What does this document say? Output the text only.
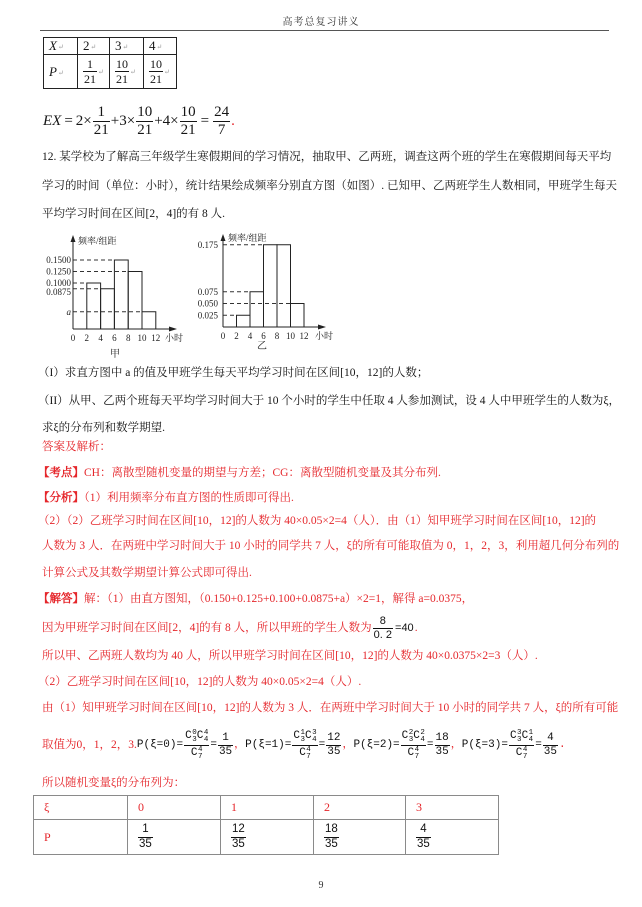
高考总复习讲义
X↵	2↵	3↵	4↵
P↵	$\frac{1}{21}$ ↵	$\frac{10}{21}$ ↵	$\frac{10}{21}$ ↵
EX = $2\times \frac{1}{21} +3\times \frac{10}{21} +4\times \frac{10}{21} = \frac{24}{7}$ .
12. 某学校为了解高三年级学生寒假期间的学习情况，抽取甲、乙两班，调查这两个班的学生在寒假期间每天平均
学习的时间（单位：小时），统计结果绘成频率分别直方图（如图）. 已知甲、乙两班学生人数相同，甲班学生每天
平均学习时间在区间[2，4]的有 8 人.
0.1500
0.1250
0.1000
0.0875
a
0 2 4 6 8 10 12 小时
频率/组距
甲
0.175
0.075
0.050
0.025
0 2 4 6 8 10 12 小时
频率/组距
乙
（I）求直方图中 a 的值及甲班学生每天平均学习时间在区间[10，12]的人数；
（II）从甲、乙两个班每天平均学习时间大于 10 个小时的学生中任取 4 人参加测试，设 4 人中甲班学生的人数为ξ，
求ξ的分布列和数学期望.
答案及解析：
【考点】CH：离散型随机变量的期望与方差；CG：离散型随机变量及其分布列.
【分析】（1）利用频率分布直方图的性质即可得出.
（2）（2）乙班学习时间在区间[10，12]的人数为 40×0.05×2=4（人）．由（1）知甲班学习时间在区间[10，12]的
人数为 3 人．在两班中学习时间大于 10 小时的同学共 7 人，ξ的所有可能取值为 0，1，2，3，利用超几何分布列的
计算公式及其数学期望计算公式即可得出.
【解答】解：（1）由直方图知，（0.150+0.125+0.100+0.0875+a）×2=1，解得 a=0.0375，
因为甲班学习时间在区间[2，4]的有 8 人，所以甲班的学生人数为 $\frac{8}{0. 2} =40$ .
所以甲、乙两班人数均为 40 人，所以甲班学习时间在区间[10，12]的人数为 40×0.0375×2=3（人）.
（2）乙班学习时间在区间[10，12]的人数为 40×0.05×2=4（人）.
由（1）知甲班学习时间在区间[10，12]的人数为 3 人．在两班中学习时间大于 10 小时的同学共 7 人，ξ的所有可能
取值为0，1，2，3. P(ξ=0)= C 0
3 C 4
4
C 4
$7 = \frac{1}{35}$ ， P(ξ=1)= C 1
3 C 3
4
C 4
$7 = \frac{12}{35}$ ， P(ξ=2)= C 2
3 C 2
4
C 4
$7 = \frac{18}{35}$ ， P(ξ=3)= C 3
3 C 1
4
C 4
$7 = \frac{4}{35}$ .
所以随机变量ξ的分布列为：
ξ	0	1	2	3
P	$\frac{1}{35}$	$\frac{12}{35}$	$\frac{18}{35}$	$\frac{4}{35}$
9
